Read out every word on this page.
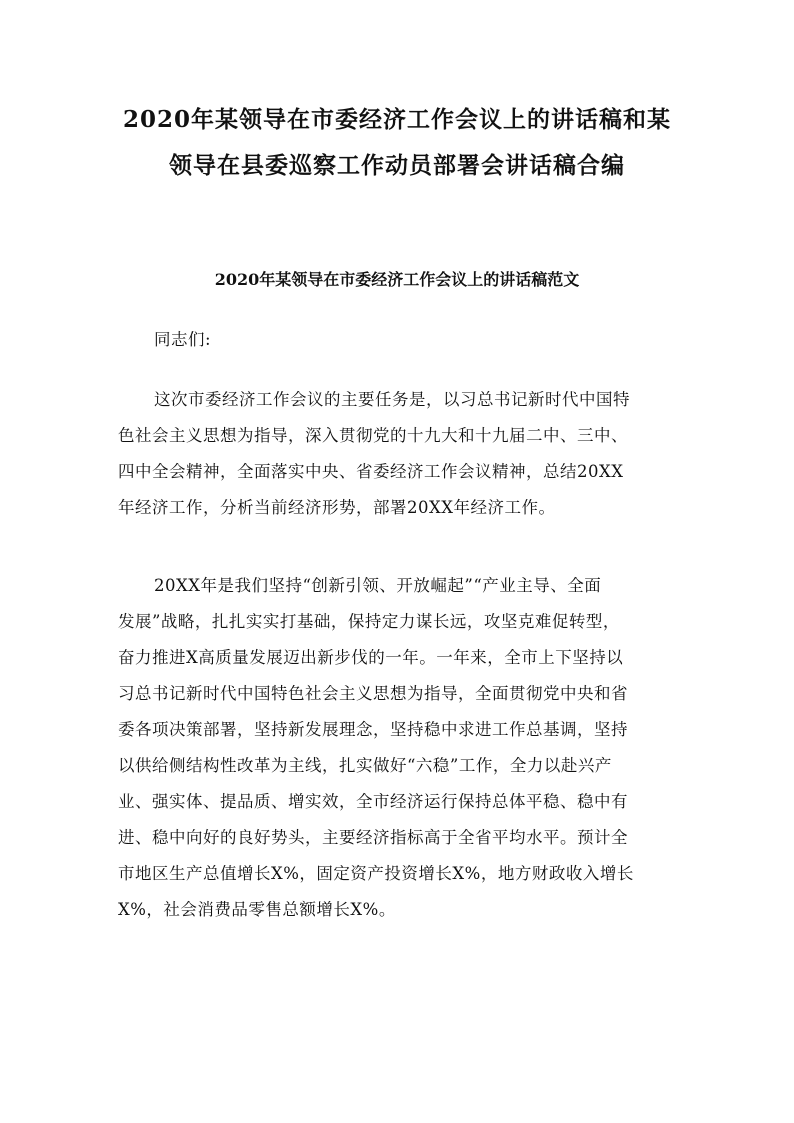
2020年某领导在市委经济工作会议上的讲话稿和某
领导在县委巡察工作动员部署会讲话稿合编
2020年某领导在市委经济工作会议上的讲话稿范文
同志们:
这次市委经济工作会议的主要任务是，以习总书记新时代中国特
色社会主义思想为指导，深入贯彻党的十九大和十九届二中、三中、
四中全会精神，全面落实中央、省委经济工作会议精神，总结20XX
年经济工作，分析当前经济形势，部署20XX年经济工作。
20XX年是我们坚持“创新引领、开放崛起”“产业主导、全面
发展”战略，扎扎实实打基础，保持定力谋长远，攻坚克难促转型，
奋力推进X高质量发展迈出新步伐的一年。一年来，全市上下坚持以
习总书记新时代中国特色社会主义思想为指导，全面贯彻党中央和省
委各项决策部署，坚持新发展理念，坚持稳中求进工作总基调，坚持
以供给侧结构性改革为主线，扎实做好“六稳”工作，全力以赴兴产
业、强实体、提品质、增实效，全市经济运行保持总体平稳、稳中有
进、稳中向好的良好势头，主要经济指标高于全省平均水平。预计全
市地区生产总值增长X%，固定资产投资增长X%，地方财政收入增长
X%，社会消费品零售总额增长X%。
